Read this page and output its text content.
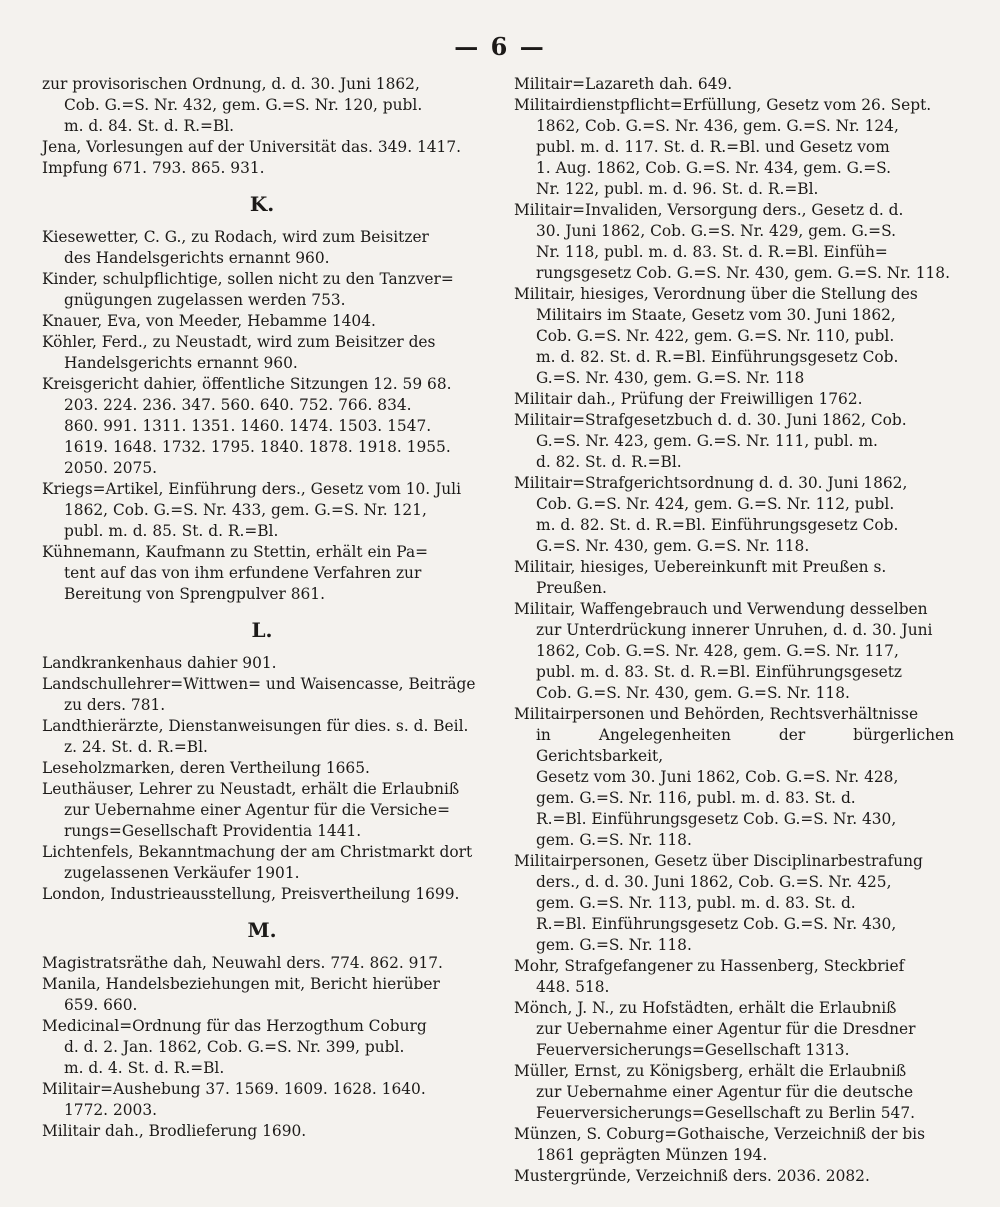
— 6 —
zur provisorischen Ordnung, d. d. 30. Juni 1862,
Cob. G.=S. Nr. 432, gem. G.=S. Nr. 120, publ.
m. d. 84. St. d. R.=Bl.
Jena, Vorlesungen auf der Universität das. 349. 1417.
Impfung 671. 793. 865. 931.
K.
Kiesewetter, C. G., zu Rodach, wird zum Beisitzer
des Handelsgerichts ernannt 960.
Kinder, schulpflichtige, sollen nicht zu den Tanzver=
gnügungen zugelassen werden 753.
Knauer, Eva, von Meeder, Hebamme 1404.
Köhler, Ferd., zu Neustadt, wird zum Beisitzer des
Handelsgerichts ernannt 960.
Kreisgericht dahier, öffentliche Sitzungen 12. 59 68.
203. 224. 236. 347. 560. 640. 752. 766. 834.
860. 991. 1311. 1351. 1460. 1474. 1503. 1547.
1619. 1648. 1732. 1795. 1840. 1878. 1918. 1955.
2050. 2075.
Kriegs=Artikel, Einführung ders., Gesetz vom 10. Juli
1862, Cob. G.=S. Nr. 433, gem. G.=S. Nr. 121,
publ. m. d. 85. St. d. R.=Bl.
Kühnemann, Kaufmann zu Stettin, erhält ein Pa=
tent auf das von ihm erfundene Verfahren zur
Bereitung von Sprengpulver 861.
L.
Landkrankenhaus dahier 901.
Landschullehrer=Wittwen= und Waisencasse, Beiträge
zu ders. 781.
Landthierärzte, Dienstanweisungen für dies. s. d. Beil.
z. 24. St. d. R.=Bl.
Leseholzmarken, deren Vertheilung 1665.
Leuthäuser, Lehrer zu Neustadt, erhält die Erlaubniß
zur Uebernahme einer Agentur für die Versiche=
rungs=Gesellschaft Providentia 1441.
Lichtenfels, Bekanntmachung der am Christmarkt dort
zugelassenen Verkäufer 1901.
London, Industrieausstellung, Preisvertheilung 1699.
M.
Magistratsräthe dah, Neuwahl ders. 774. 862. 917.
Manila, Handelsbeziehungen mit, Bericht hierüber
659. 660.
Medicinal=Ordnung für das Herzogthum Coburg
d. d. 2. Jan. 1862, Cob. G.=S. Nr. 399, publ.
m. d. 4. St. d. R.=Bl.
Militair=Aushebung 37. 1569. 1609. 1628. 1640.
1772. 2003.
Militair dah., Brodlieferung 1690.
Militair=Lazareth dah. 649.
Militairdienstpflicht=Erfüllung, Gesetz vom 26. Sept.
1862, Cob. G.=S. Nr. 436, gem. G.=S. Nr. 124,
publ. m. d. 117. St. d. R.=Bl. und Gesetz vom
1. Aug. 1862, Cob. G.=S. Nr. 434, gem. G.=S.
Nr. 122, publ. m. d. 96. St. d. R.=Bl.
Militair=Invaliden, Versorgung ders., Gesetz d. d.
30. Juni 1862, Cob. G.=S. Nr. 429, gem. G.=S.
Nr. 118, publ. m. d. 83. St. d. R.=Bl. Einfüh=
rungsgesetz Cob. G.=S. Nr. 430, gem. G.=S. Nr. 118.
Militair, hiesiges, Verordnung über die Stellung des
Militairs im Staate, Gesetz vom 30. Juni 1862,
Cob. G.=S. Nr. 422, gem. G.=S. Nr. 110, publ.
m. d. 82. St. d. R.=Bl. Einführungsgesetz Cob.
G.=S. Nr. 430, gem. G.=S. Nr. 118
Militair dah., Prüfung der Freiwilligen 1762.
Militair=Strafgesetzbuch d. d. 30. Juni 1862, Cob.
G.=S. Nr. 423, gem. G.=S. Nr. 111, publ. m.
d. 82. St. d. R.=Bl.
Militair=Strafgerichtsordnung d. d. 30. Juni 1862,
Cob. G.=S. Nr. 424, gem. G.=S. Nr. 112, publ.
m. d. 82. St. d. R.=Bl. Einführungsgesetz Cob.
G.=S. Nr. 430, gem. G.=S. Nr. 118.
Militair, hiesiges, Uebereinkunft mit Preußen s.
Preußen.
Militair, Waffengebrauch und Verwendung desselben
zur Unterdrückung innerer Unruhen, d. d. 30. Juni
1862, Cob. G.=S. Nr. 428, gem. G.=S. Nr. 117,
publ. m. d. 83. St. d. R.=Bl. Einführungsgesetz
Cob. G.=S. Nr. 430, gem. G.=S. Nr. 118.
Militairpersonen und Behörden, Rechtsverhältnisse
in Angelegenheiten der bürgerlichen Gerichtsbarkeit,
Gesetz vom 30. Juni 1862, Cob. G.=S. Nr. 428,
gem. G.=S. Nr. 116, publ. m. d. 83. St. d.
R.=Bl. Einführungsgesetz Cob. G.=S. Nr. 430,
gem. G.=S. Nr. 118.
Militairpersonen, Gesetz über Disciplinarbestrafung
ders., d. d. 30. Juni 1862, Cob. G.=S. Nr. 425,
gem. G.=S. Nr. 113, publ. m. d. 83. St. d.
R.=Bl. Einführungsgesetz Cob. G.=S. Nr. 430,
gem. G.=S. Nr. 118.
Mohr, Strafgefangener zu Hassenberg, Steckbrief
448. 518.
Mönch, J. N., zu Hofstädten, erhält die Erlaubniß
zur Uebernahme einer Agentur für die Dresdner
Feuerversicherungs=Gesellschaft 1313.
Müller, Ernst, zu Königsberg, erhält die Erlaubniß
zur Uebernahme einer Agentur für die deutsche
Feuerversicherungs=Gesellschaft zu Berlin 547.
Münzen, S. Coburg=Gothaische, Verzeichniß der bis
1861 geprägten Münzen 194.
Mustergründe, Verzeichniß ders. 2036. 2082.
